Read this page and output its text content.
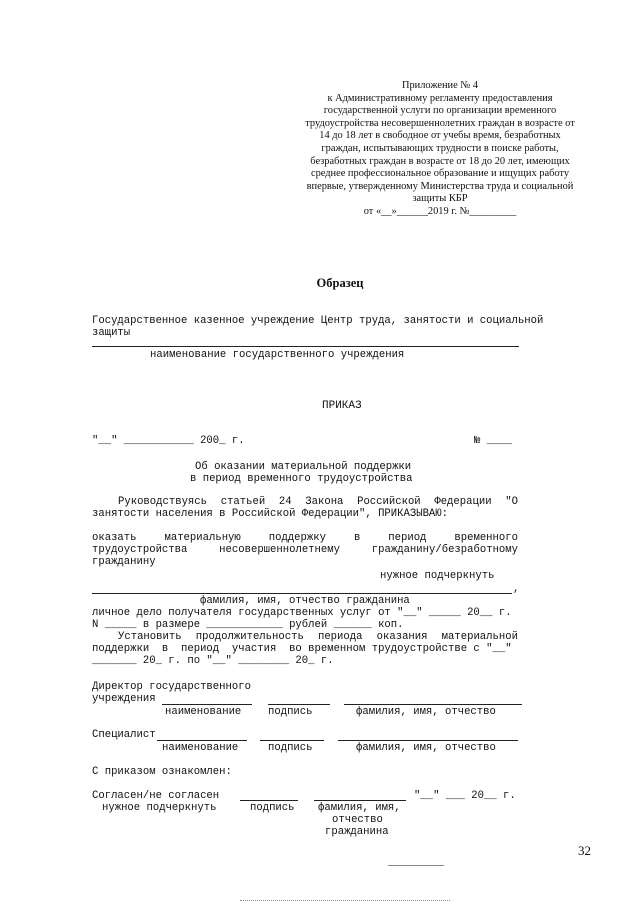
Приложение № 4
к Административному регламенту предоставления
государственной услуги по организации временного
трудоустройства несовершеннолетних граждан в возрасте от
14 до 18 лет в свободное от учебы время, безработных
граждан, испытывающих трудности в поиске работы,
безработных граждан в возрасте от 18 до 20 лет, имеющих
среднее профессиональное образование и ищущих работу
впервые, утвержденному Министерства труда и социальной
защиты КБР
от «__»______2019 г. №_________
Образец
Государственное казенное учреждение Центр труда, занятости и социальной
защиты
наименование государственного учреждения
ПРИКАЗ
"__" ___________ 200_ г.	№ ____
Об оказании материальной поддержки
в период временного трудоустройства
Руководствуясь статьей 24 Закона Российской Федерации "О
занятости населения в Российской Федерации", ПРИКАЗЫВАЮ:
оказать	материальную	поддержку	в	период	временного
трудоустройства	несовершеннолетнему	гражданину/безработному
гражданину
нужное подчеркнуть
,
фамилия, имя, отчество гражданина
личное дело получателя государственных услуг от "__" _____ 20__ г.
N _____ в размере ____________ рублей ______ коп.
Установить продолжительность периода оказания материальной
поддержки  в  период  участия  во временном трудоустройстве с "__"
_______ 20_ г. по "__" ________ 20_ г.
Директор государственного
учреждения
наименование	подпись	фамилия, имя, отчество
Специалист
наименование	подпись	фамилия, имя, отчество
С приказом ознакомлен:
Согласен/не согласен	"__" ___ 20__ г.
нужное подчеркнуть	подпись фамилия, имя,
отчество
гражданина
32
